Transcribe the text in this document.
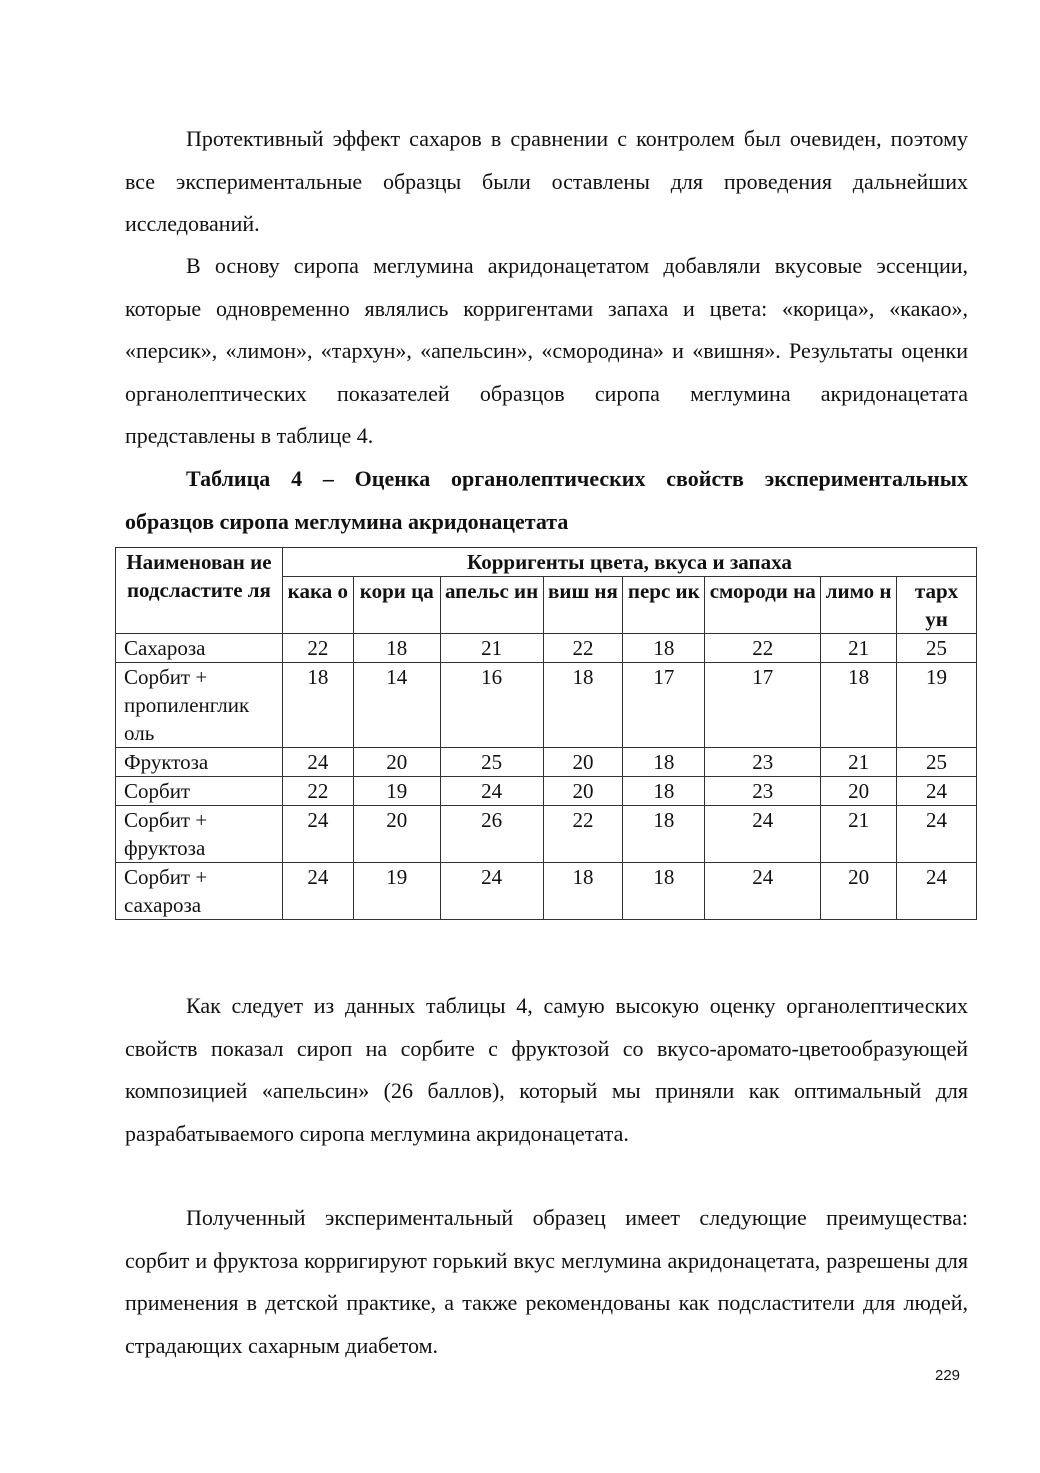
Протективный эффект сахаров в сравнении с контролем был очевиден, поэтому все экспериментальные образцы были оставлены для проведения дальнейших исследований.

В основу сиропа меглумина акридонацетатом добавляли вкусовые эссенции, которые одновременно являлись корригентами запаха и цвета: «корица», «какао», «персик», «лимон», «тархун», «апельсин», «смородина» и «вишня». Результаты оценки органолептических показателей образцов сиропа меглумина акридонацетата представлены в таблице 4.

Таблица 4 – Оценка органолептических свойств экспериментальных образцов сиропа меглумина акридонацетата

Как следует из данных таблицы 4, самую высокую оценку органолептических свойств показал сироп на сорбите с фруктозой со вкусо-аромато-цветообразующей композицией «апельсин» (26 баллов), который мы приняли как оптимальный для разрабатываемого сиропа меглумина акридонацетата.

Полученный экспериментальный образец имеет следующие преимущества: сорбит и фруктоза корригируют горький вкус меглумина акридонацетата, разрешены для применения в детской практике, а также рекомендованы как подсластители для людей, страдающих сахарным диабетом.

Наименован ие подсластите ля	Корригенты цвета, вкуса и запаха							
	кака о	кори ца	апельс ин	виш ня	перс ик	смороди на	лимо н	тарх ун
Сахароза	22	18	21	22	18	22	21	25
Сорбит + пропиленглик оль	18	14	16	18	17	17	18	19
Фруктоза	24	20	25	20	18	23	21	25
Сорбит	22	19	24	20	18	23	20	24
Сорбит + фруктоза	24	20	26	22	18	24	21	24
Сорбит + сахароза	24	19	24	18	18	24	20	24
229
